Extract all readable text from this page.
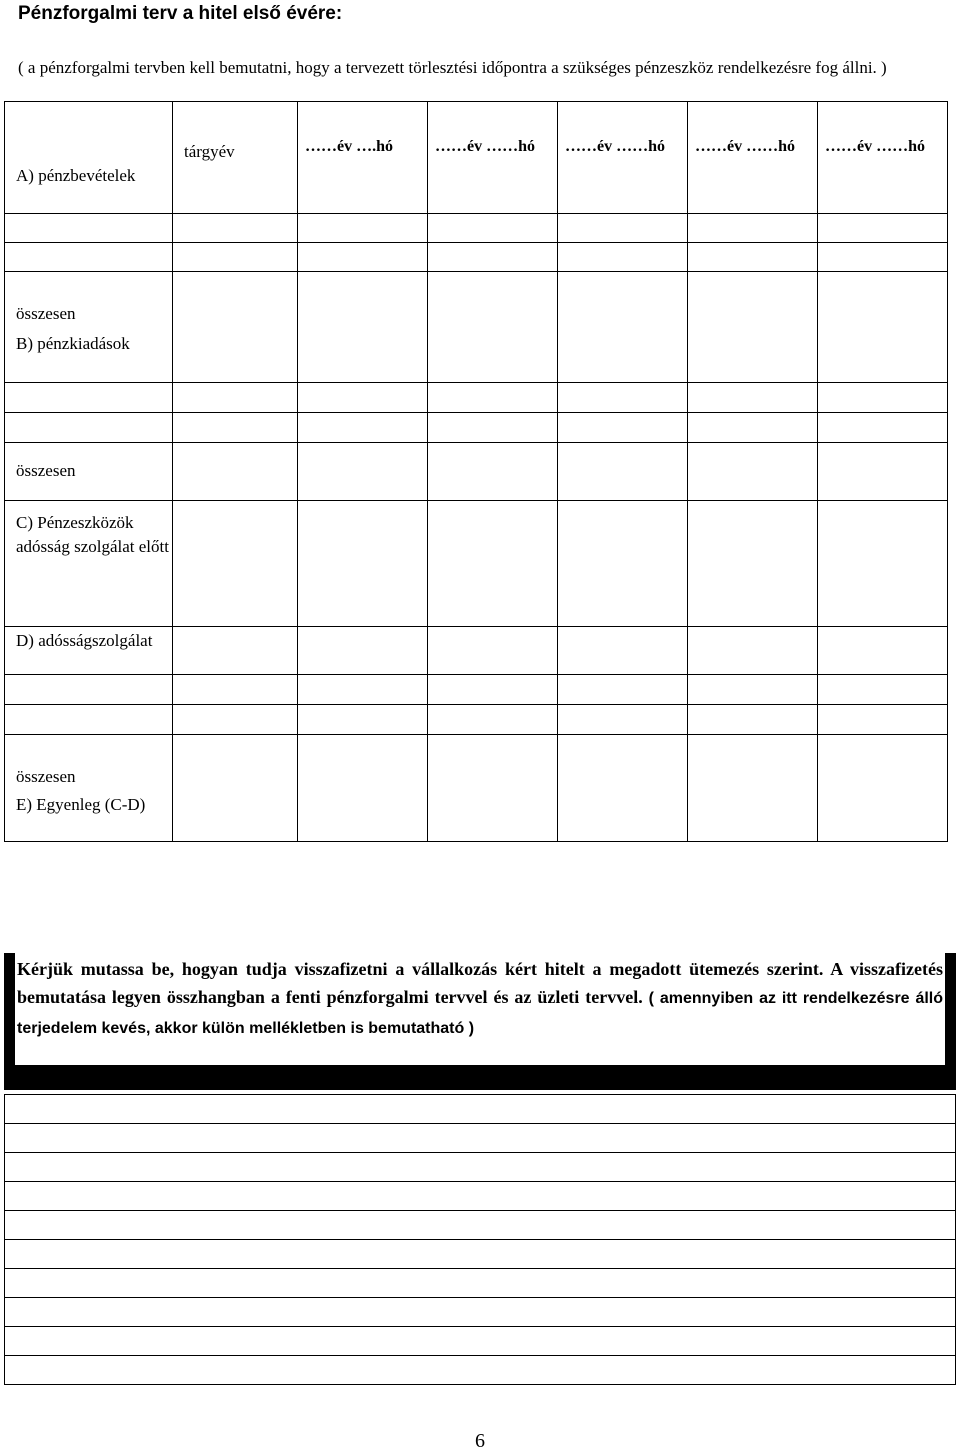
Pénzforgalmi terv a hitel első évére:
( a pénzforgalmi tervben kell bemutatni, hogy a tervezett törlesztési időpontra a szükséges pénzeszköz rendelkezésre fog állni. )
A) pénzbevételek	tárgyév	……év ….hó	……év ……hó	……év ……hó	……év ……hó	……év ……hó

összesen
B) pénzkiadások						

összesen						

C) Pénzeszközök adósság szolgálat előtt						

D) adósságszolgálat						

összesen
E) Egyenleg (C-D)						

Kérjük mutassa be, hogyan tudja visszafizetni a vállalkozás kért hitelt a megadott ütemezés szerint. A visszafizetés bemutatása legyen összhangban a fenti pénzforgalmi tervvel és az üzleti tervvel. ( amennyiben az itt rendelkezésre álló terjedelem kevés, akkor külön mellékletben is bemutatható )

6
